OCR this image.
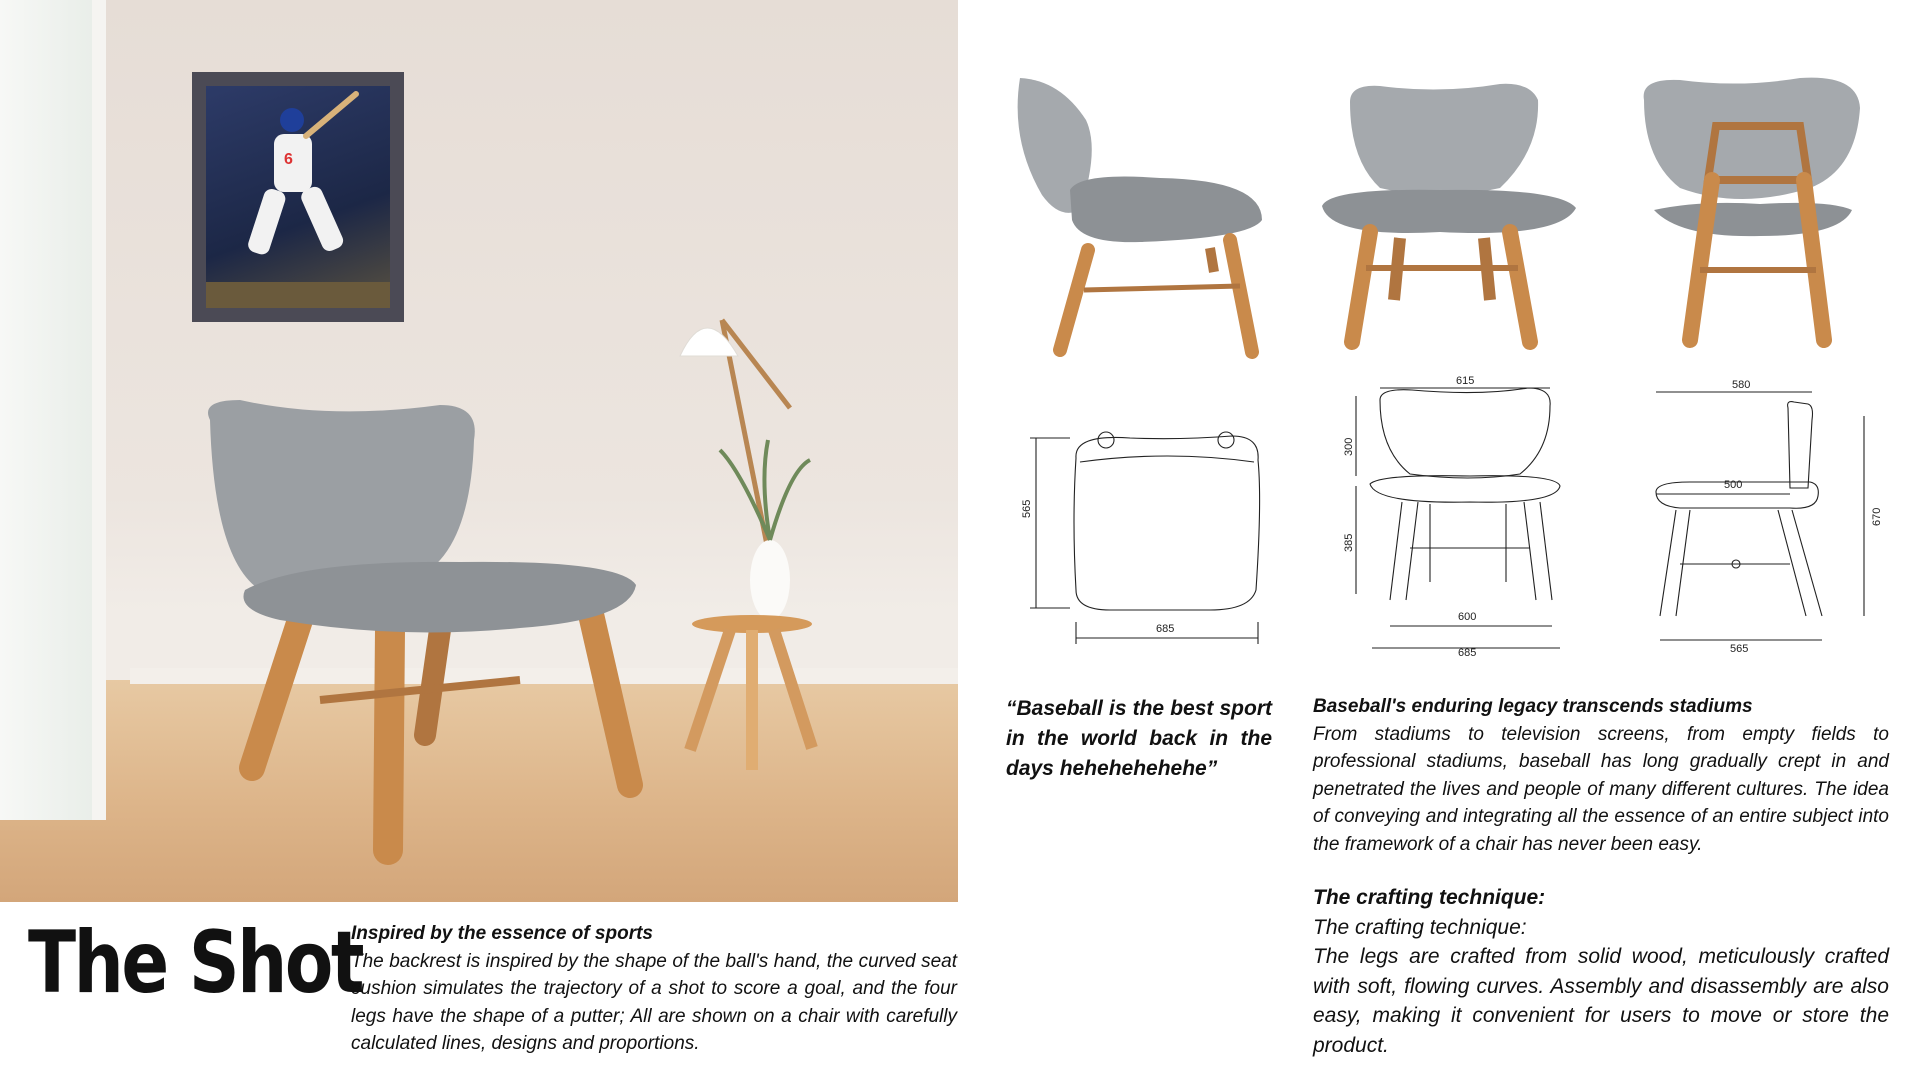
6
565
685
615
300
385
600
685
580
500
670
565
The Shot
Inspired by the essence of sports
The backrest is inspired by the shape of the ball's hand, the curved seat cushion simulates the trajectory of a shot to score a goal, and the four legs have the shape of a putter; All are shown on a chair with carefully calculated lines, designs and proportions.

“Baseball is the best sport in the world back in the days hehehehehehe”

Baseball's enduring legacy transcends stadiums
From stadiums to television screens, from empty fields to professional stadiums, baseball has long gradually crept in and penetrated the lives and people of many different cultures. The idea of conveying and integrating all the essence of an entire subject into the framework of a chair has never been easy.
The crafting technique:
The crafting technique:
The legs are crafted from solid wood, meticulously crafted with soft, flowing curves. Assembly and disassembly are also easy, making it convenient for users to move or store the product.
